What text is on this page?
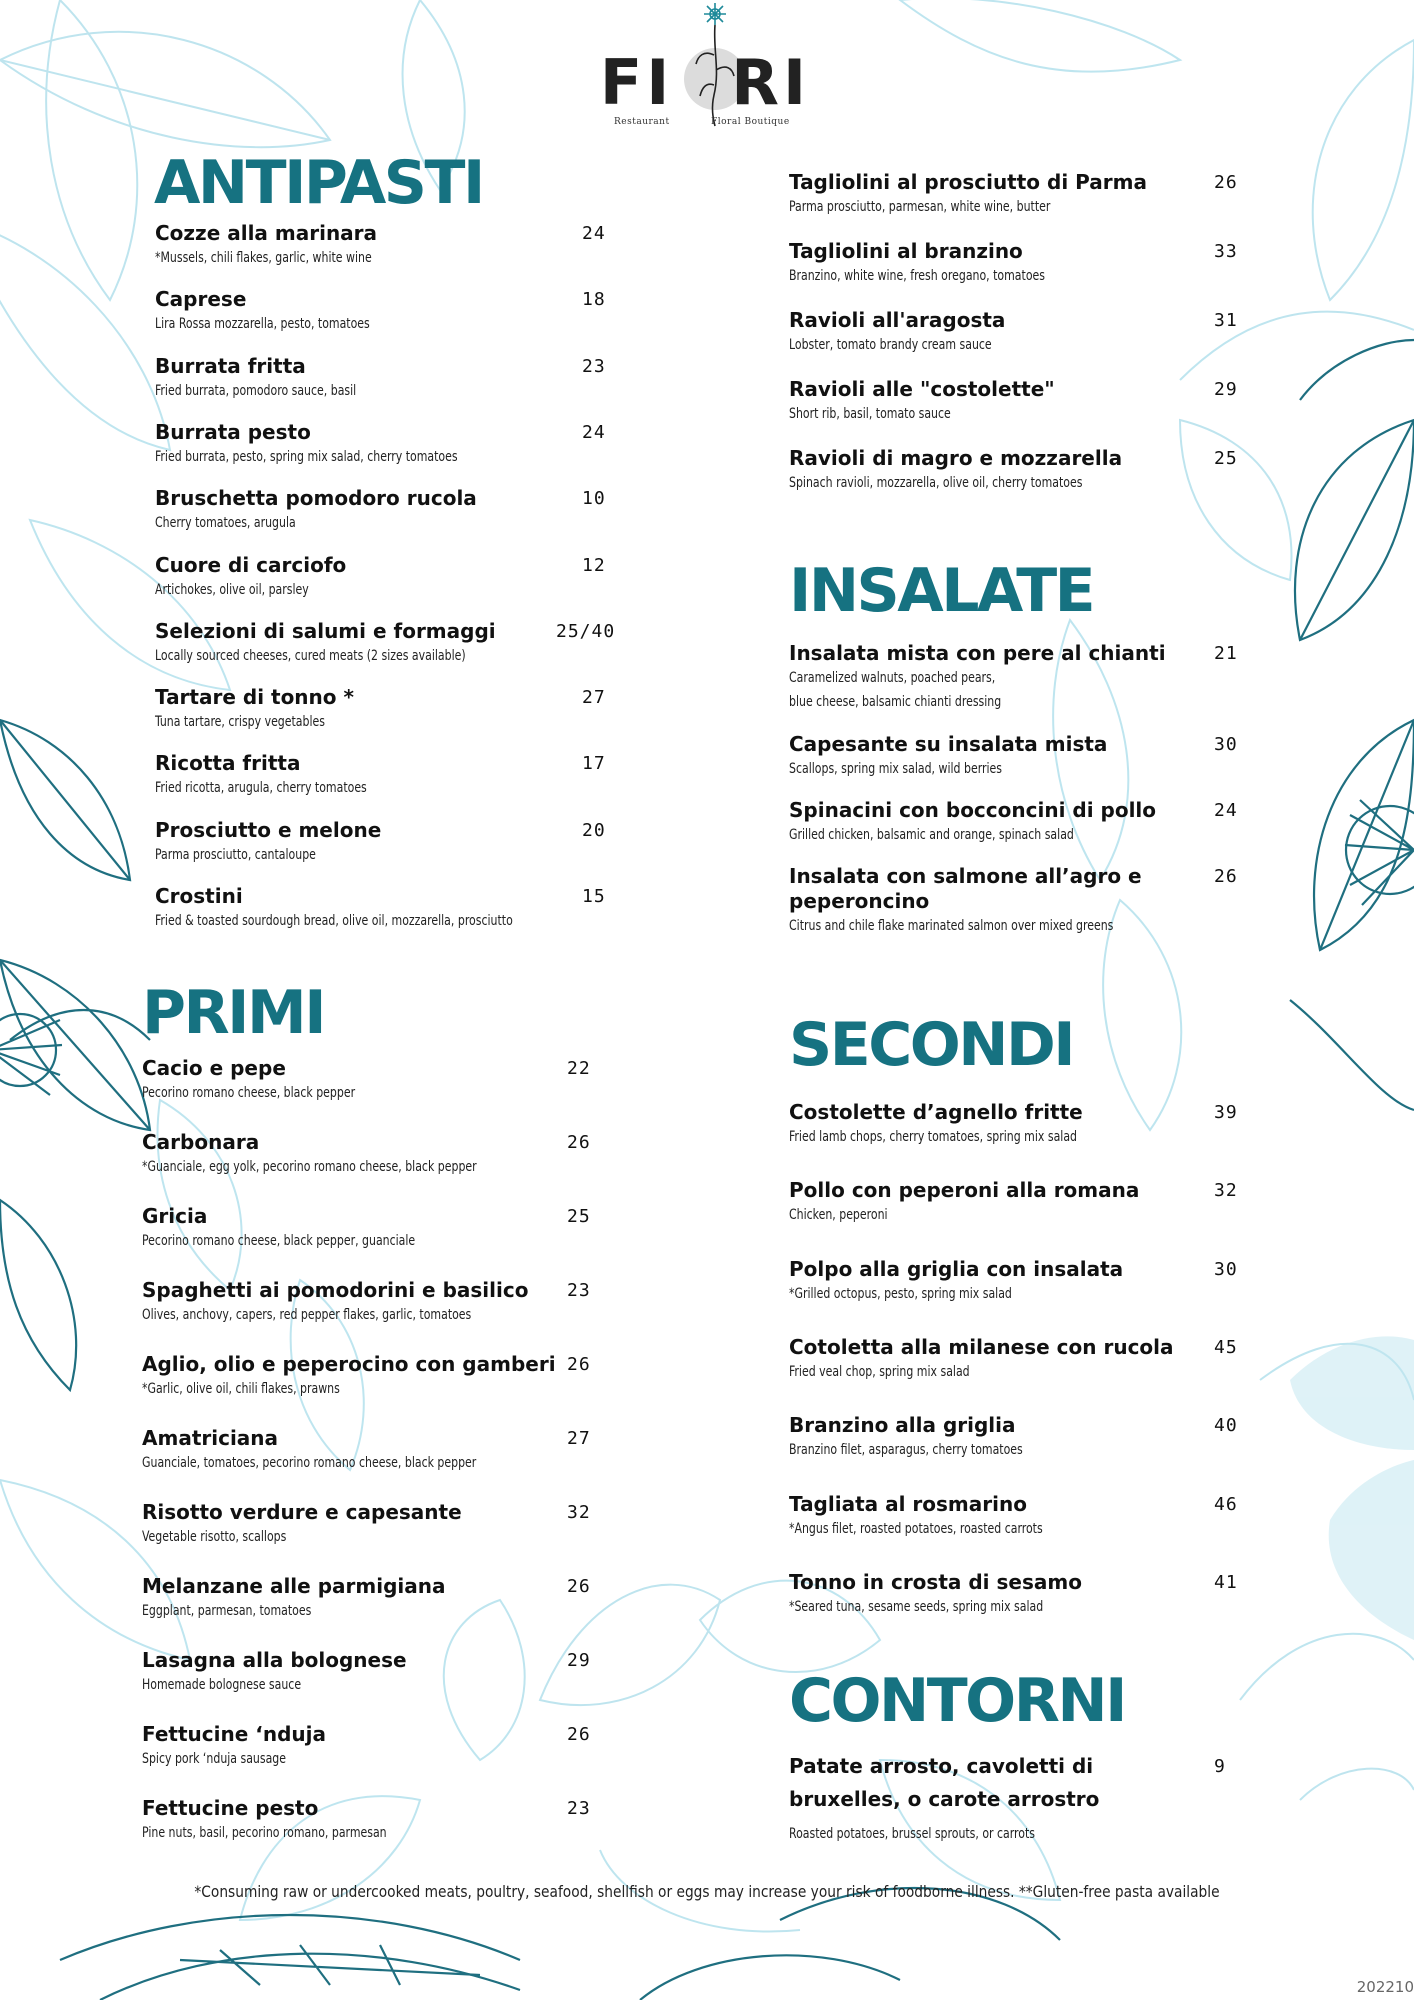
FI RI
Restaurant	Floral Boutique
ANTIPASTI
Cozze alla marinara
*Mussels, chili flakes, garlic, white wine
24
Caprese
Lira Rossa mozzarella, pesto, tomatoes
18
Burrata fritta
Fried burrata, pomodoro sauce, basil
23
Burrata pesto
Fried burrata, pesto, spring mix salad, cherry tomatoes
24
Bruschetta pomodoro rucola
Cherry tomatoes, arugula
10
Cuore di carciofo
Artichokes, olive oil, parsley
12
Selezioni di salumi e formaggi
Locally sourced cheeses, cured meats (2 sizes available)
25/40
Tartare di tonno *
Tuna tartare, crispy vegetables
27
Ricotta fritta
Fried ricotta, arugula, cherry tomatoes
17
Prosciutto e melone
Parma prosciutto, cantaloupe
20
Crostini
Fried & toasted sourdough bread, olive oil, mozzarella, prosciutto
15
PRIMI
Cacio e pepe
Pecorino romano cheese, black pepper
22
Carbonara
*Guanciale, egg yolk, pecorino romano cheese, black pepper
26
Gricia
Pecorino romano cheese, black pepper, guanciale
25
Spaghetti ai pomodorini e basilico
Olives, anchovy, capers, red pepper flakes, garlic, tomatoes
23
Aglio, olio e peperocino con gamberi
*Garlic, olive oil, chili flakes, prawns
26
Amatriciana
Guanciale, tomatoes, pecorino romano cheese, black pepper
27
Risotto verdure e capesante
Vegetable risotto, scallops
32
Melanzane alle parmigiana
Eggplant, parmesan, tomatoes
26
Lasagna alla bolognese
Homemade bolognese sauce
29
Fettucine ‘nduja
Spicy pork ‘nduja sausage
26
Fettucine pesto
Pine nuts, basil, pecorino romano, parmesan
23
Tagliolini al prosciutto di Parma
Parma prosciutto, parmesan, white wine, butter
26
Tagliolini al branzino
Branzino, white wine, fresh oregano, tomatoes
33
Ravioli all'aragosta
Lobster, tomato brandy cream sauce
31
Ravioli alle "costolette"
Short rib, basil, tomato sauce
29
Ravioli di magro e mozzarella
Spinach ravioli, mozzarella, olive oil, cherry tomatoes
25
INSALATE
Insalata mista con pere al chianti
Caramelized walnuts, poached pears,
blue cheese, balsamic chianti dressing
21
Capesante su insalata mista
Scallops, spring mix salad, wild berries
30
Spinacini con bocconcini di pollo
Grilled chicken, balsamic and orange, spinach salad
24
Insalata con salmone all’agro e
peperoncino
Citrus and chile flake marinated salmon over mixed greens
26
SECONDI
Costolette d’agnello fritte
Fried lamb chops, cherry tomatoes, spring mix salad
39
Pollo con peperoni alla romana
Chicken, peperoni
32
Polpo alla griglia con insalata
*Grilled octopus, pesto, spring mix salad
30
Cotoletta alla milanese con rucola
Fried veal chop, spring mix salad
45
Branzino alla griglia
Branzino filet, asparagus, cherry tomatoes
40
Tagliata al rosmarino
*Angus filet, roasted potatoes, roasted carrots
46
Tonno in crosta di sesamo
*Seared tuna, sesame seeds, spring mix salad
41
CONTORNI
Patate arrosto, cavoletti di
bruxelles, o carote arrostro
Roasted potatoes, brussel sprouts, or carrots
9
*Consuming raw or undercooked meats, poultry, seafood, shellfish or eggs may increase your risk of foodborne illness. **Gluten-free pasta available
202210
